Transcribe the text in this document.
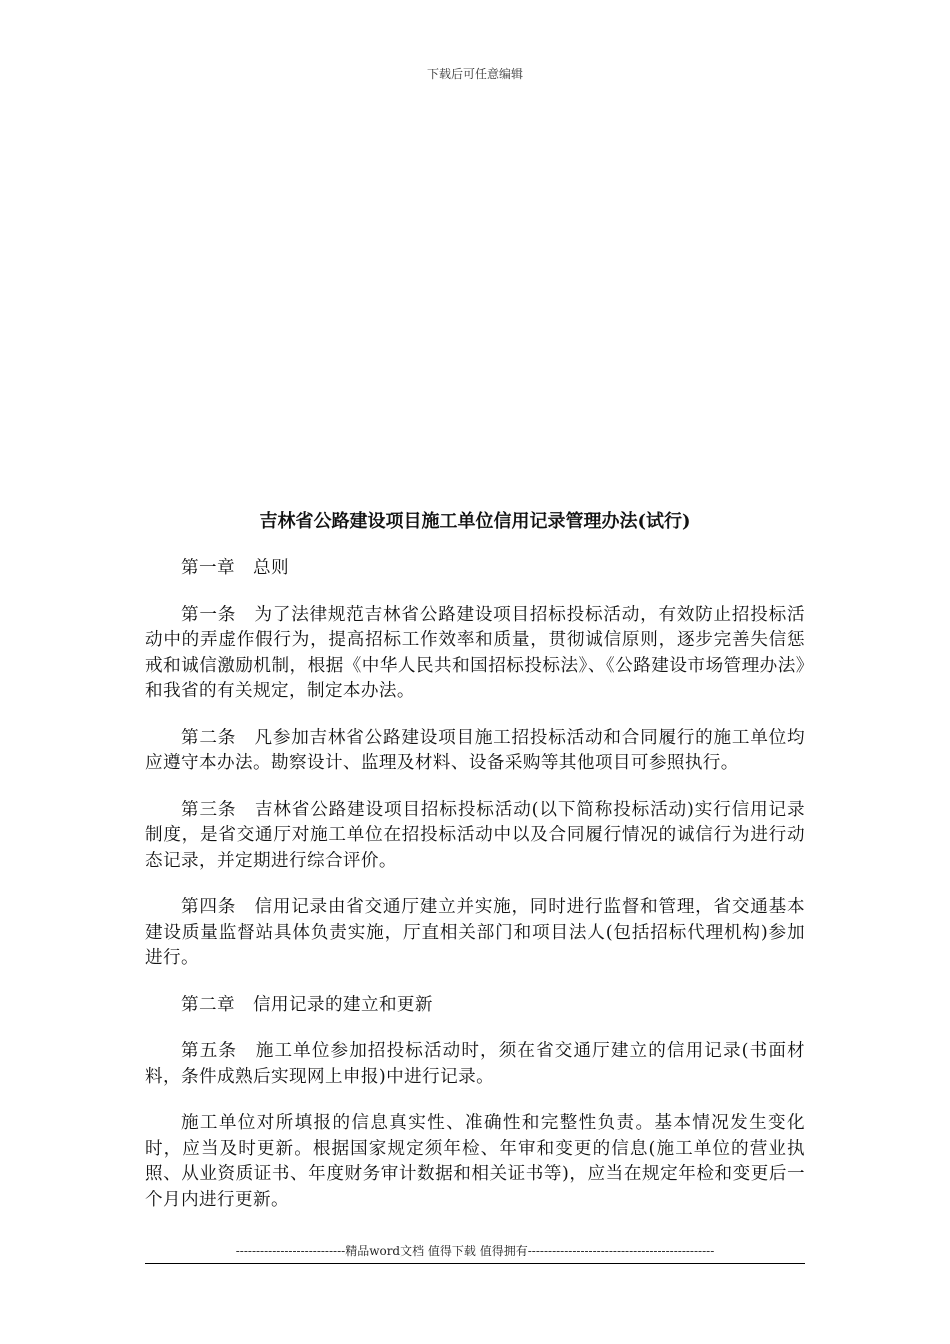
下载后可任意编辑
吉林省公路建设项目施工单位信用记录管理办法(试行)

第一章 总则

第一条 为了法律规范吉林省公路建设项目招标投标活动，有效防止招投标活动中的弄虚作假行为，提高招标工作效率和质量，贯彻诚信原则，逐步完善失信惩戒和诚信激励机制，根据《中华人民共和国招标投标法》、《公路建设市场管理办法》和我省的有关规定，制定本办法。

第二条 凡参加吉林省公路建设项目施工招投标活动和合同履行的施工单位均应遵守本办法。勘察设计、监理及材料、设备采购等其他项目可参照执行。

第三条 吉林省公路建设项目招标投标活动(以下简称投标活动)实行信用记录制度，是省交通厅对施工单位在招投标活动中以及合同履行情况的诚信行为进行动态记录，并定期进行综合评价。

第四条 信用记录由省交通厅建立并实施，同时进行监督和管理，省交通基本建设质量监督站具体负责实施，厅直相关部门和项目法人(包括招标代理机构)参加进行。

第二章 信用记录的建立和更新

第五条 施工单位参加招投标活动时，须在省交通厅建立的信用记录(书面材料，条件成熟后实现网上申报)中进行记录。

施工单位对所填报的信息真实性、准确性和完整性负责。基本情况发生变化时，应当及时更新。根据国家规定须年检、年审和变更的信息(施工单位的营业执照、从业资质证书、年度财务审计数据和相关证书等)，应当在规定年检和变更后一个月内进行更新。

---------------------------精品word文档 值得下载 值得拥有----------------------------------------------
